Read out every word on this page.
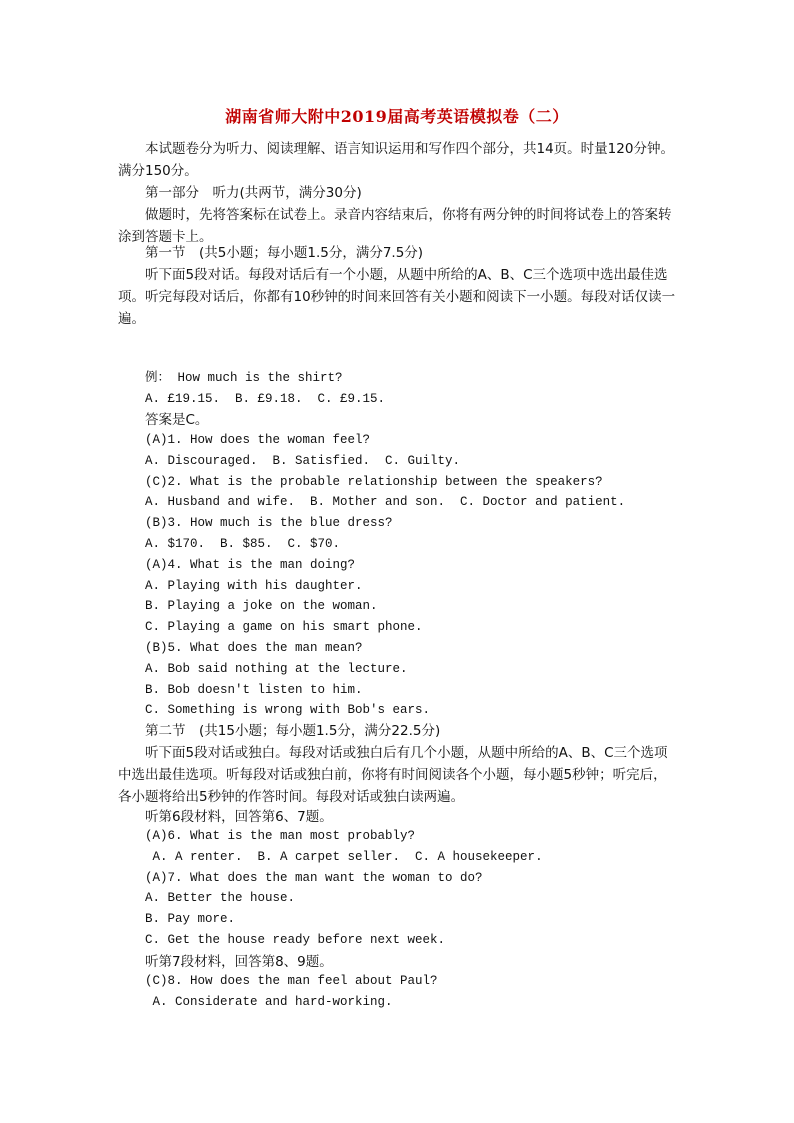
湖南省师大附中2019届高考英语模拟卷（二）
本试题卷分为听力、阅读理解、语言知识运用和写作四个部分，共14页。时量120分钟。满分150分。
第一部分　听力(共两节，满分30分)
做题时，先将答案标在试卷上。录音内容结束后，你将有两分钟的时间将试卷上的答案转涂到答题卡上。
第一节　(共5小题；每小题1.5分，满分7.5分)
听下面5段对话。每段对话后有一个小题，从题中所给的A、B、C三个选项中选出最佳选项。听完每段对话后，你都有10秒钟的时间来回答有关小题和阅读下一小题。每段对话仅读一遍。
例： How much is the shirt?
A. £19.15.  B. £9.18.  C. £9.15.
答案是C。
(A)1. How does the woman feel?
A. Discouraged.  B. Satisfied.  C. Guilty.
(C)2. What is the probable relationship between the speakers?
A. Husband and wife.  B. Mother and son.  C. Doctor and patient.
(B)3. How much is the blue dress?
A. $170.  B. $85.  C. $70.
(A)4. What is the man doing?
A. Playing with his daughter.
B. Playing a joke on the woman.
C. Playing a game on his smart phone.
(B)5. What does the man mean?
A. Bob said nothing at the lecture.
B. Bob doesn't listen to him.
C. Something is wrong with Bob's ears.
第二节　(共15小题；每小题1.5分，满分22.5分)
听下面5段对话或独白。每段对话或独白后有几个小题，从题中所给的A、B、C三个选项中选出最佳选项。听每段对话或独白前，你将有时间阅读各个小题，每小题5秒钟；听完后，各小题将给出5秒钟的作答时间。每段对话或独白读两遍。
听第6段材料，回答第6、7题。
(A)6. What is the man most probably?
A. A renter.  B. A carpet seller.  C. A housekeeper.
(A)7. What does the man want the woman to do?
A. Better the house.
B. Pay more.
C. Get the house ready before next week.
听第7段材料，回答第8、9题。
(C)8. How does the man feel about Paul?
A. Considerate and hard-working.
